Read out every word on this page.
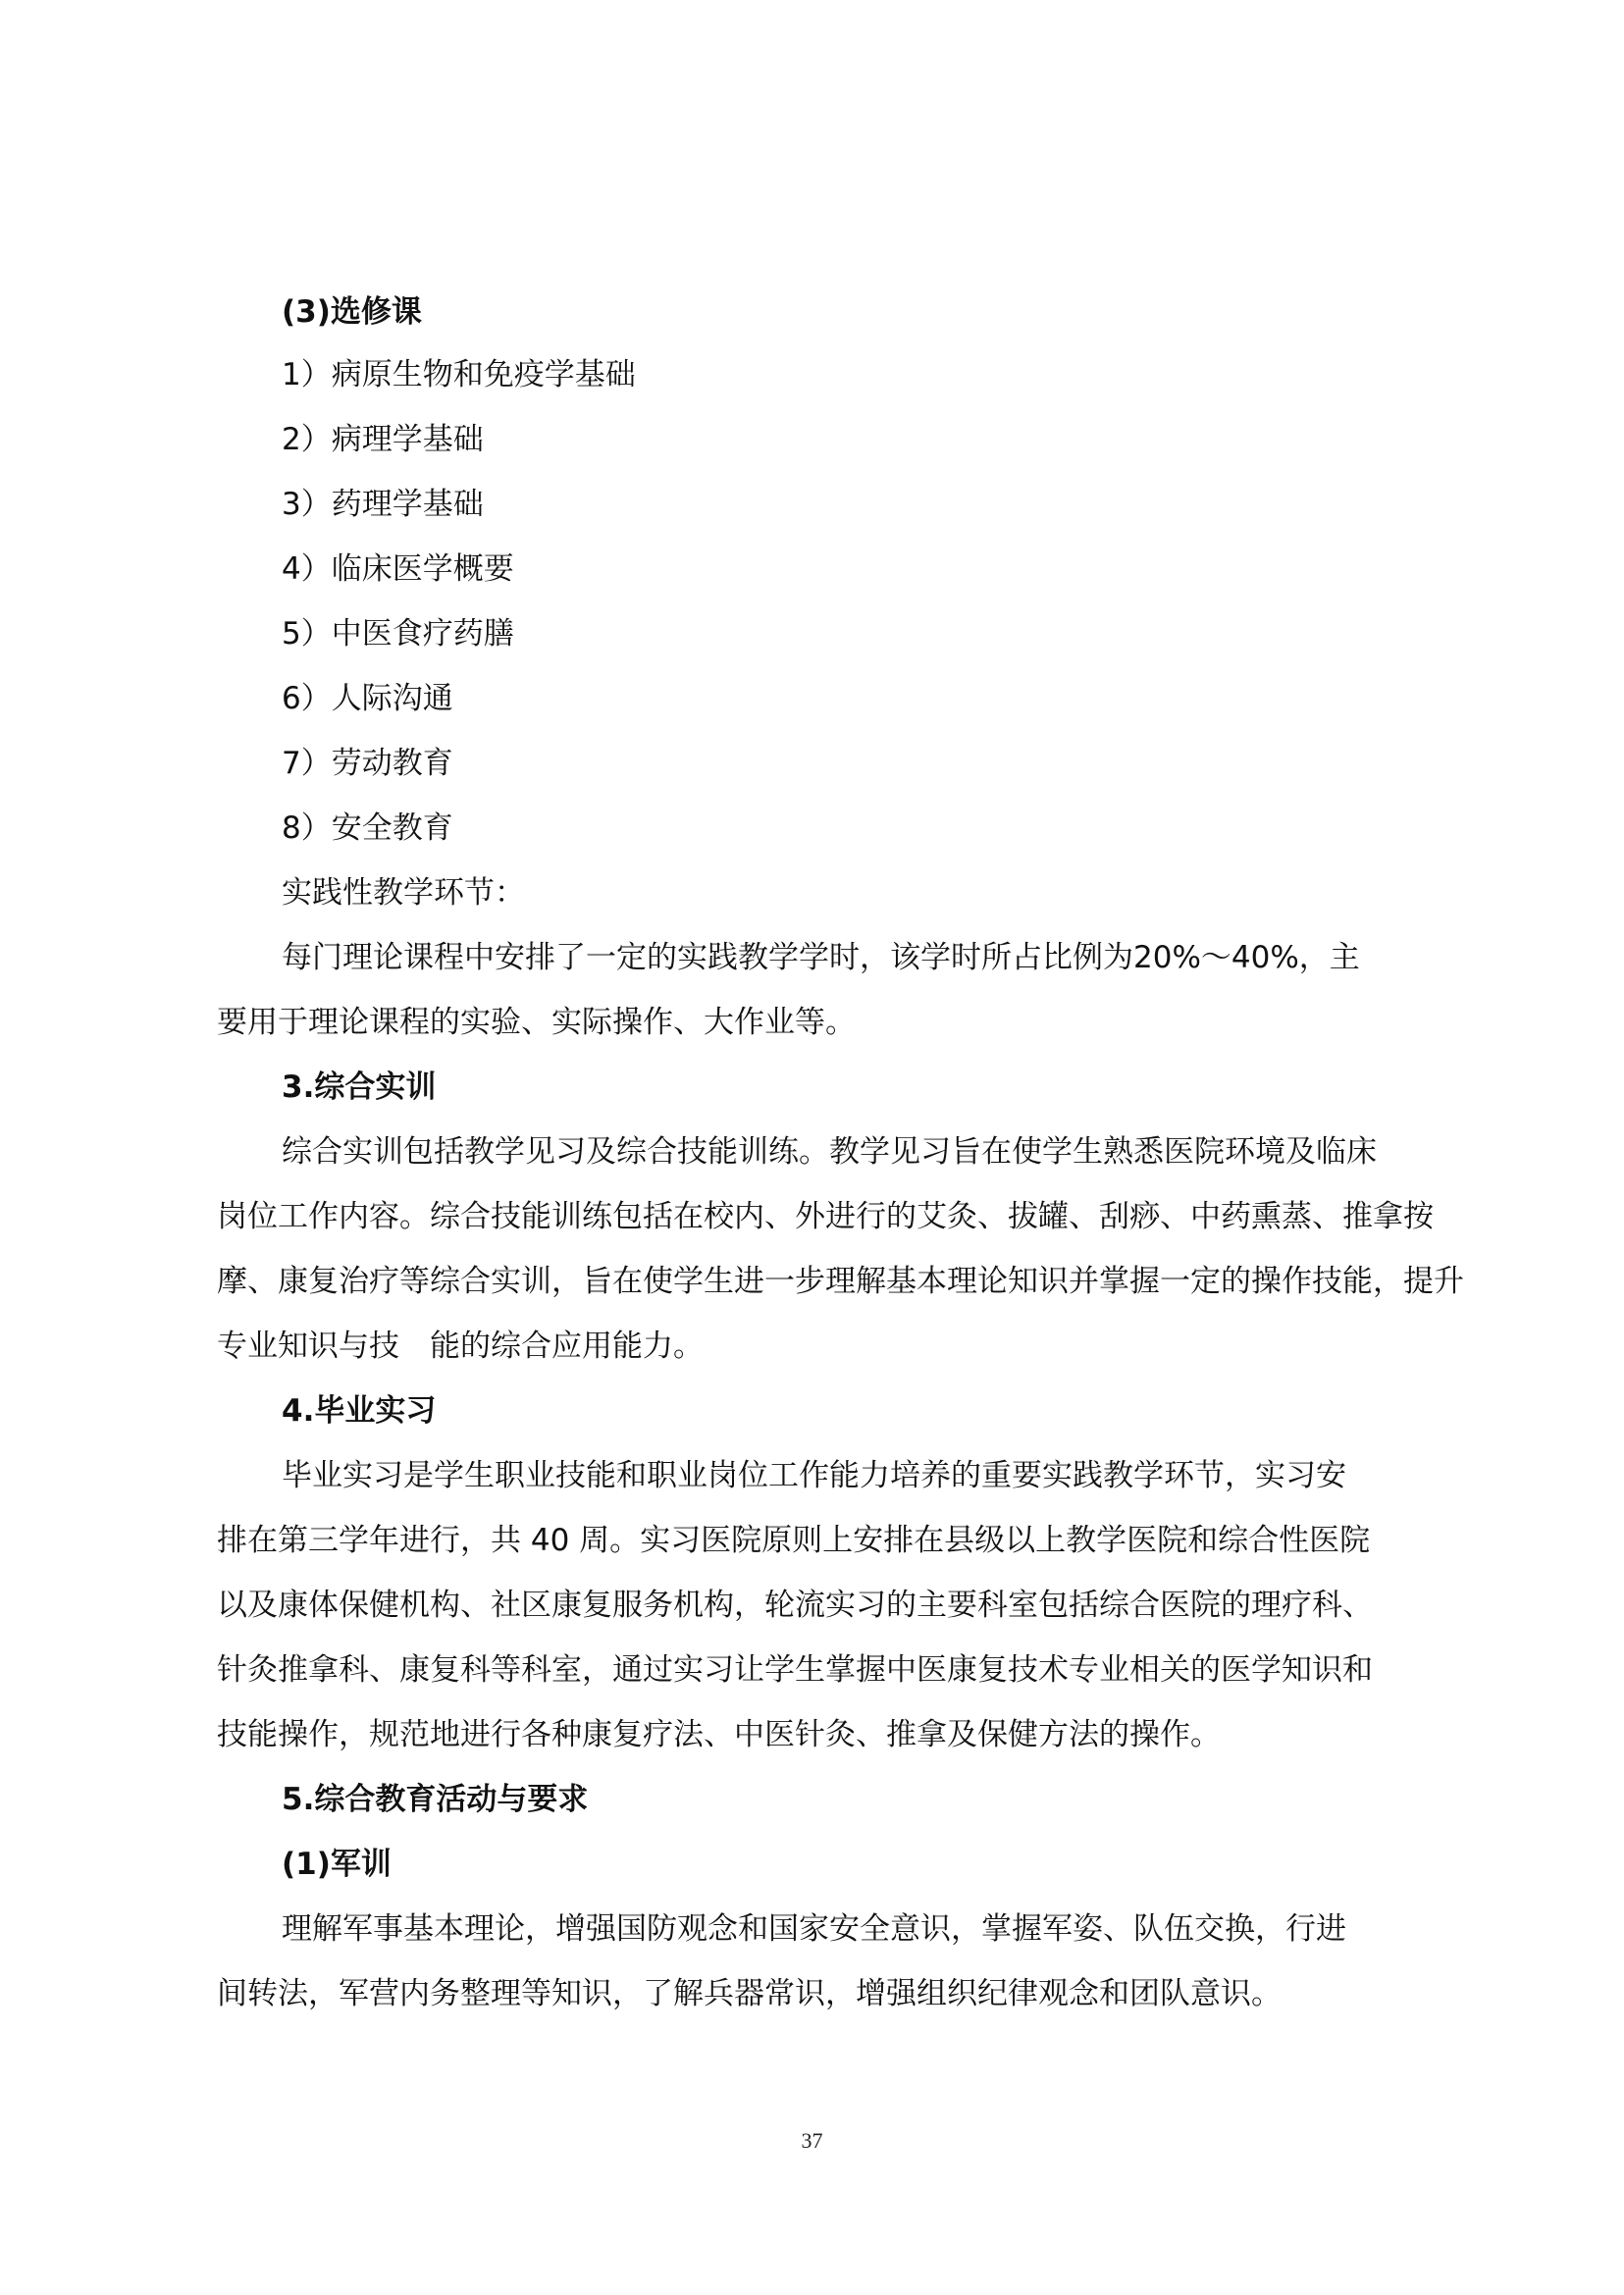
(3)选修课
1）病原生物和免疫学基础
2）病理学基础
3）药理学基础
4）临床医学概要
5）中医食疗药膳
6）人际沟通
7）劳动教育
8）安全教育
实践性教学环节：
每门理论课程中安排了一定的实践教学学时，该学时所占比例为20%～40%，主
要用于理论课程的实验、实际操作、大作业等。
3.综合实训
综合实训包括教学见习及综合技能训练。教学见习旨在使学生熟悉医院环境及临床
岗位工作内容。综合技能训练包括在校内、外进行的艾灸、拔罐、刮痧、中药熏蒸、推拿按
摩、康复治疗等综合实训，旨在使学生进一步理解基本理论知识并掌握一定的操作技能，提升
专业知识与技　能的综合应用能力。
4.毕业实习
毕业实习是学生职业技能和职业岗位工作能力培养的重要实践教学环节，实习安
排在第三学年进行，共 40 周。实习医院原则上安排在县级以上教学医院和综合性医院
以及康体保健机构、社区康复服务机构，轮流实习的主要科室包括综合医院的理疗科、
针灸推拿科、康复科等科室，通过实习让学生掌握中医康复技术专业相关的医学知识和
技能操作，规范地进行各种康复疗法、中医针灸、推拿及保健方法的操作。
5.综合教育活动与要求
(1)军训
理解军事基本理论，增强国防观念和国家安全意识，掌握军姿、队伍交换，行进
间转法，军营内务整理等知识，了解兵器常识，增强组织纪律观念和团队意识。
37
